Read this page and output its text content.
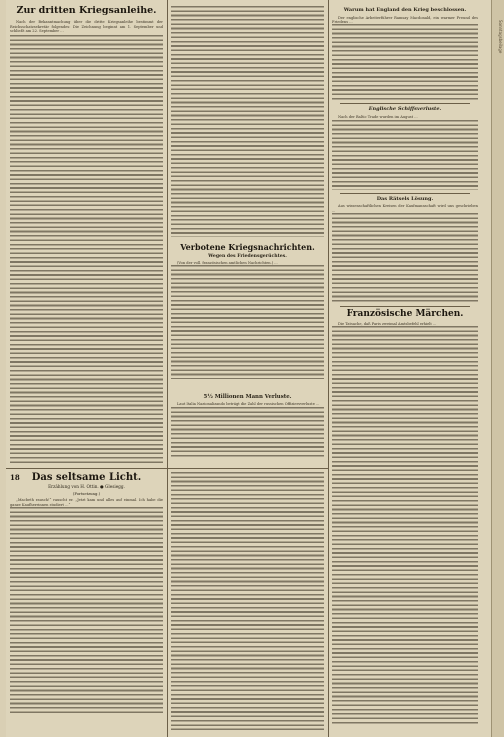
Zur dritten Kriegsanleihe.

Nach der Bekanntmachung über die dritte Kriegsanleihe bestimmt der Reichsschatzsekretär folgendes: Die Zeichnung beginnt am 1. September und schließt am 22. September ...

Verbotene Kriegsnachrichten.
Wegen des Friedensgerüchtes.

(Von der voll. französischen amtlichen Nachrichten.) ...

5½ Millionen Mann Verluste.

Laut Italia Nazionalizando beträgt die Zahl der russischen Offiziersverluste ...

18	Das seltsame Licht.
Erzählung von H. Ottin. ● Glesiegg.
(Fortsetzung.)

„Macbeth rausch!“ rauscht er. „Jetzt kam und alles auf einmal. Ich habe die ganze Kaufherrinnen studiert ...“

Warum hat England den Krieg beschlossen.

Der englische Arbeiterführer Ramsay Macdonald, ein warmer Freund des Friedens ...

Englische Schiffsverluste.

Nach der Baltic Trade wurden im August ...

Das Rätsels Lösung.

Aus wissenschaftlichen Kreisen der Kaufmannschaft wird uns geschrieben ...

Französische Märchen.

Die Tatsache, daß Paris zweimal Amtsbefehl erhielt ...

Sonntagsbeilage
